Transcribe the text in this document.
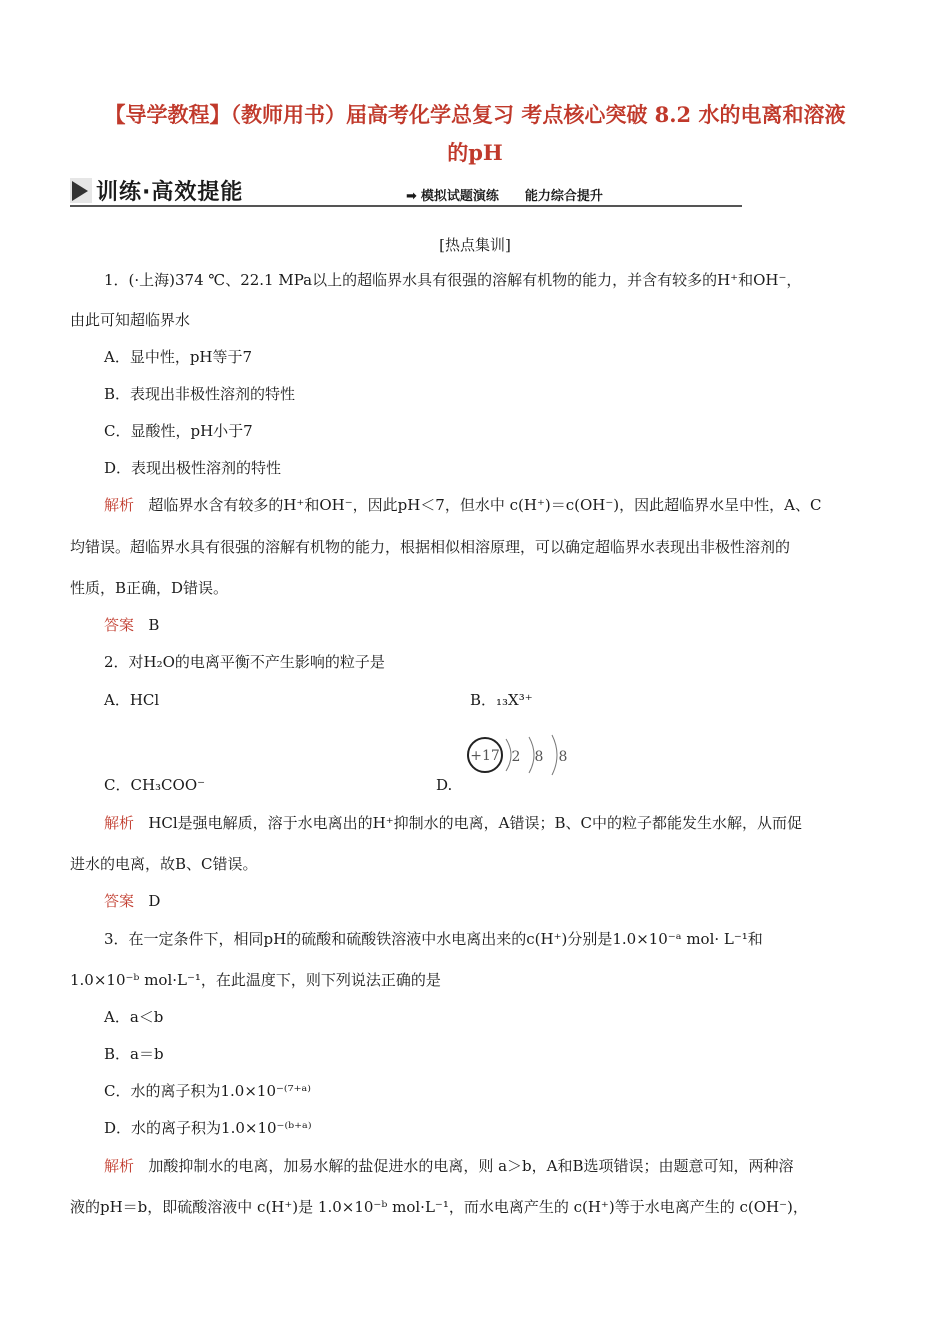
【导学教程】（教师用书）届高考化学总复习 考点核心突破 8.2 水的电离和溶液
的pH
训练·高效提能	➡ 模拟试题演练 能力综合提升
[热点集训]
1．(·上海)374 ℃、22.1 MPa以上的超临界水具有很强的溶解有机物的能力，并含有较多的H⁺和OH⁻，
由此可知超临界水
A．显中性，pH等于7
B．表现出非极性溶剂的特性
C．显酸性，pH小于7
D．表现出极性溶剂的特性
解析 超临界水含有较多的H⁺和OH⁻，因此pH＜7，但水中 c(H⁺)＝c(OH⁻)，因此超临界水呈中性，A、C
均错误。超临界水具有很强的溶解有机物的能力，根据相似相溶原理，可以确定超临界水表现出非极性溶剂的
性质，B正确，D错误。
答案 B
2．对H₂O的电离平衡不产生影响的粒子是
A．HCl	B．₁₃X³⁺
C．CH₃COO⁻	D.
+17 2 8 8
解析 HCl是强电解质，溶于水电离出的H⁺抑制水的电离，A错误；B、C中的粒子都能发生水解，从而促
进水的电离，故B、C错误。
答案 D
3．在一定条件下，相同pH的硫酸和硫酸铁溶液中水电离出来的c(H⁺)分别是1.0×10⁻ᵃ mol· L⁻¹和
1.0×10⁻ᵇ mol·L⁻¹，在此温度下，则下列说法正确的是
A．a＜b
B．a＝b
C．水的离子积为1.0×10⁻⁽⁷⁺ᵃ⁾
D．水的离子积为1.0×10⁻⁽ᵇ⁺ᵃ⁾
解析 加酸抑制水的电离，加易水解的盐促进水的电离，则 a＞b，A和B选项错误；由题意可知，两种溶
液的pH＝b，即硫酸溶液中 c(H⁺)是 1.0×10⁻ᵇ mol·L⁻¹，而水电离产生的 c(H⁺)等于水电离产生的 c(OH⁻)，
